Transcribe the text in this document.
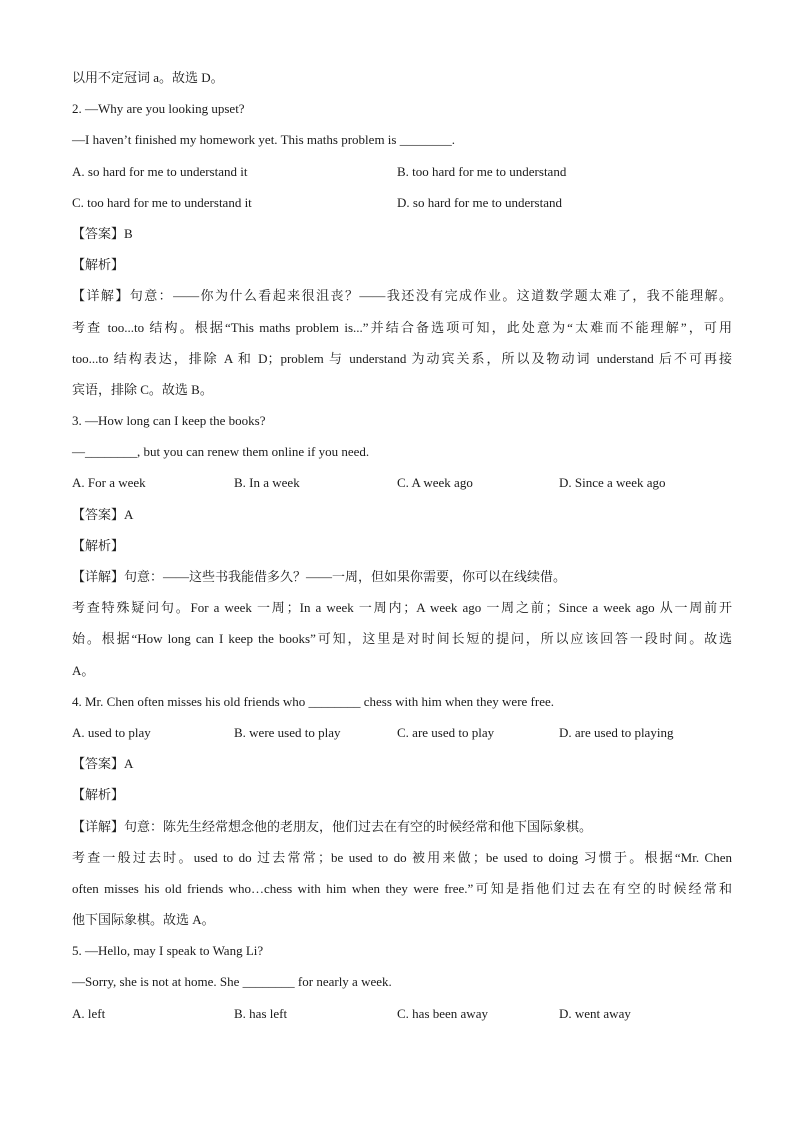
以用不定冠词 a。故选 D。
2. —Why are you looking upset?
—I haven’t finished my homework yet. This maths problem is ________.
A. so hard for me to understand it	B. too hard for me to understand
C. too hard for me to understand it	D. so hard for me to understand
【答案】B
【解析】
【详解】句意：——你为什么看起来很沮丧？——我还没有完成作业。这道数学题太难了，我不能理解。
考查 too...to 结构。根据“This maths problem is...”并结合备选项可知，此处意为“太难而不能理解”，可用
too...to 结构表达，排除 A 和 D；problem 与 understand 为动宾关系，所以及物动词 understand 后不可再接
宾语，排除 C。故选 B。
3. —How long can I keep the books?
—________, but you can renew them online if you need.
A. For a week	B. In a week	C. A week ago	D. Since a week ago
【答案】A
【解析】
【详解】句意：——这些书我能借多久？——一周，但如果你需要，你可以在线续借。
考查特殊疑问句。For a week 一周；In a week 一周内；A week ago 一周之前；Since a week ago 从一周前开
始。根据“How long can I keep the books”可知，这里是对时间长短的提问，所以应该回答一段时间。故选
A。
4. Mr. Chen often misses his old friends who ________ chess with him when they were free.
A. used to play	B. were used to play	C. are used to play	D. are used to playing
【答案】A
【解析】
【详解】句意：陈先生经常想念他的老朋友，他们过去在有空的时候经常和他下国际象棋。
考查一般过去时。used to do 过去常常；be used to do 被用来做；be used to doing 习惯于。根据“Mr. Chen
often misses his old friends who…chess with him when they were free.”可知是指他们过去在有空的时候经常和
他下国际象棋。故选 A。
5. —Hello, may I speak to Wang Li?
—Sorry, she is not at home. She ________ for nearly a week.
A. left	B. has left	C. has been away	D. went away
